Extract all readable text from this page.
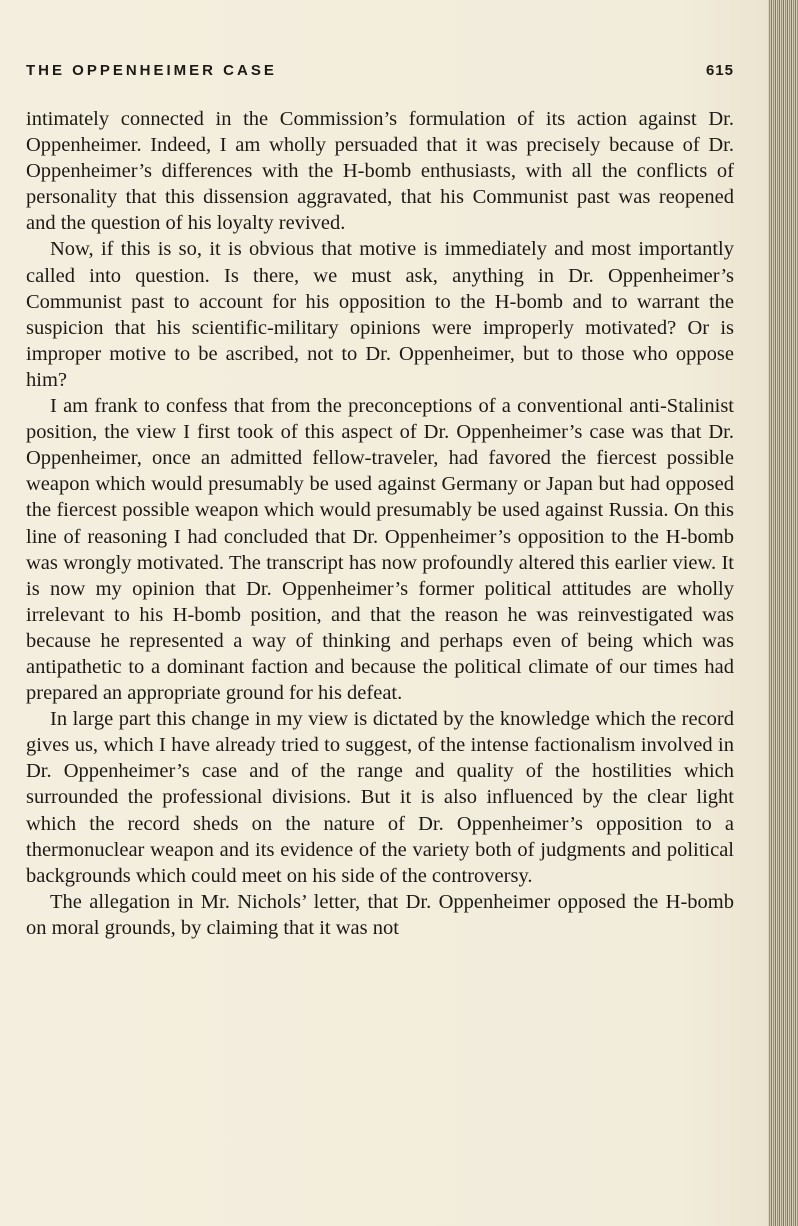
THE OPPENHEIMER CASE	615

intimately connected in the Commission’s formulation of its action against Dr. Oppenheimer. Indeed, I am wholly persuaded that it was precisely because of Dr. Oppenheimer’s differences with the H-bomb enthusiasts, with all the conflicts of personality that this dissension aggravated, that his Communist past was reopened and the question of his loyalty revived.

Now, if this is so, it is obvious that motive is immediately and most importantly called into question. Is there, we must ask, anything in Dr. Oppenheimer’s Communist past to account for his opposition to the H-bomb and to warrant the suspicion that his scientific-military opinions were improperly motivated? Or is improper motive to be ascribed, not to Dr. Oppenheimer, but to those who oppose him?

I am frank to confess that from the preconceptions of a conventional anti-Stalinist position, the view I first took of this aspect of Dr. Oppenheimer’s case was that Dr. Oppenheimer, once an admitted fellow-traveler, had favored the fiercest possible weapon which would presumably be used against Germany or Japan but had opposed the fiercest possible weapon which would presumably be used against Russia. On this line of reasoning I had concluded that Dr. Oppenheimer’s opposition to the H-bomb was wrongly motivated. The transcript has now profoundly altered this earlier view. It is now my opinion that Dr. Oppenheimer’s former political attitudes are wholly irrelevant to his H-bomb position, and that the reason he was reinvestigated was because he represented a way of thinking and perhaps even of being which was antipathetic to a dominant faction and because the political climate of our times had prepared an appropriate ground for his defeat.

In large part this change in my view is dictated by the knowledge which the record gives us, which I have already tried to suggest, of the intense factionalism involved in Dr. Oppenheimer’s case and of the range and quality of the hostilities which surrounded the professional divisions. But it is also influenced by the clear light which the record sheds on the nature of Dr. Oppenheimer’s opposition to a thermonuclear weapon and its evidence of the variety both of judgments and political backgrounds which could meet on his side of the controversy.

The allegation in Mr. Nichols’ letter, that Dr. Oppenheimer opposed the H-bomb on moral grounds, by claiming that it was not
